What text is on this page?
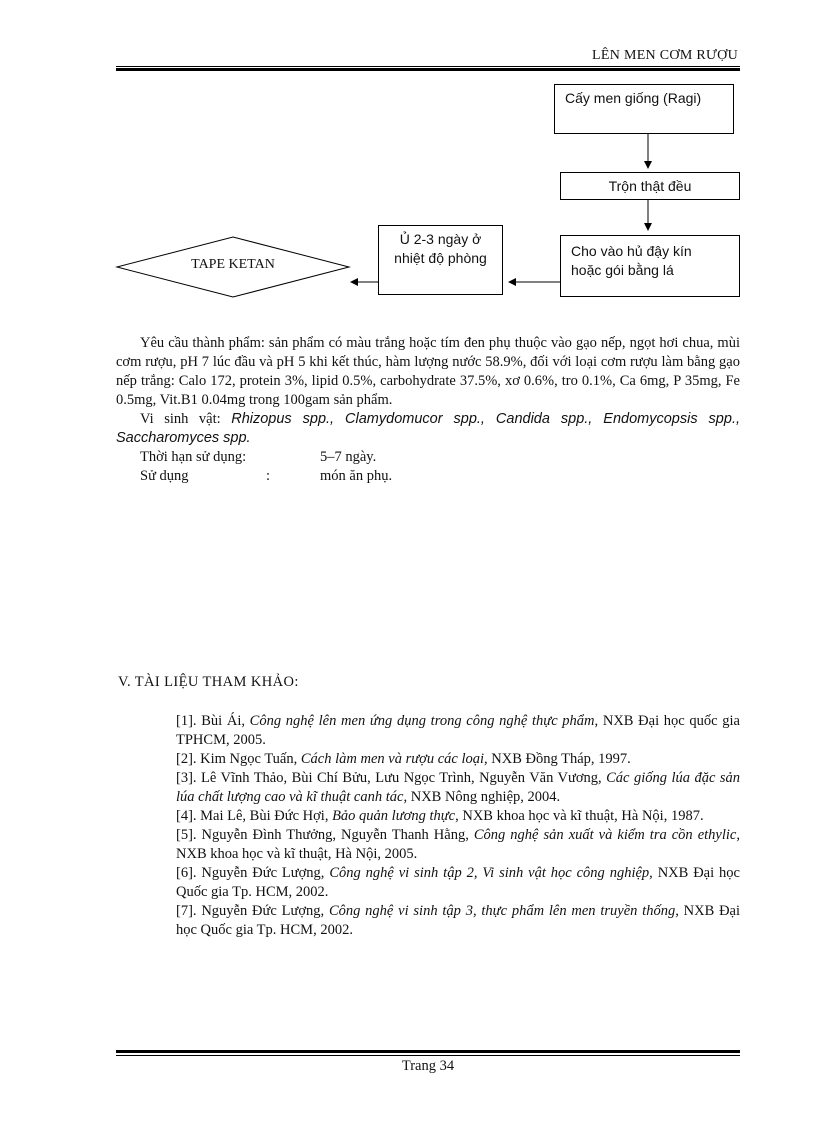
LÊN MEN CƠM RƯỢU
Cấy men giống (Ragi)
Trộn thật đều
Cho vào hủ đậy kín
hoặc gói bằng lá
Ủ 2-3 ngày ở
nhiệt độ phòng
TAPE KETAN

Yêu cầu thành phẩm: sản phẩm có màu trắng hoặc tím đen phụ thuộc vào gạo nếp, ngọt hơi chua, mùi cơm rượu, pH 7 lúc đầu và pH 5 khi kết thúc, hàm lượng nước 58.9%, đối với loại cơm rượu làm bằng gạo nếp trắng: Calo 172, protein 3%, lipid 0.5%, carbohydrate 37.5%, xơ 0.6%, tro 0.1%, Ca 6mg, P 35mg, Fe 0.5mg, Vit.B1 0.04mg trong 100gam sản phẩm.

Vi sinh vật: Rhizopus spp., Clamydomucor spp., Candida spp., Endomycopsis spp., Saccharomyces spp.

Thời hạn sử dụng:	5–7 ngày.
Sử dụng	:	món ăn phụ.
V. TÀI LIỆU THAM KHẢO:

[1]. Bùi Ái, Công nghệ lên men ứng dụng trong công nghệ thực phẩm, NXB Đại học quốc gia TPHCM, 2005.

[2]. Kim Ngọc Tuấn, Cách làm men và rượu các loại, NXB Đồng Tháp, 1997.

[3]. Lê Vĩnh Thảo, Bùi Chí Bửu, Lưu Ngọc Trình, Nguyễn Văn Vương, Các giống lúa đặc sản lúa chất lượng cao và kĩ thuật canh tác, NXB Nông nghiệp, 2004.

[4]. Mai Lê, Bùi Đức Hợi, Bảo quản lương thực, NXB khoa học và kĩ thuật, Hà Nội, 1987.

[5]. Nguyễn Đình Thưởng, Nguyễn Thanh Hằng, Công nghệ sản xuất và kiểm tra cồn ethylic, NXB khoa học và kĩ thuật, Hà Nội, 2005.

[6]. Nguyễn Đức Lượng, Công nghệ vi sinh tập 2, Vi sinh vật học công nghiệp, NXB Đại học Quốc gia Tp. HCM, 2002.

[7]. Nguyễn Đức Lượng, Công nghệ vi sinh tập 3, thực phẩm lên men truyền thống, NXB Đại học Quốc gia Tp. HCM, 2002.

Trang 34
